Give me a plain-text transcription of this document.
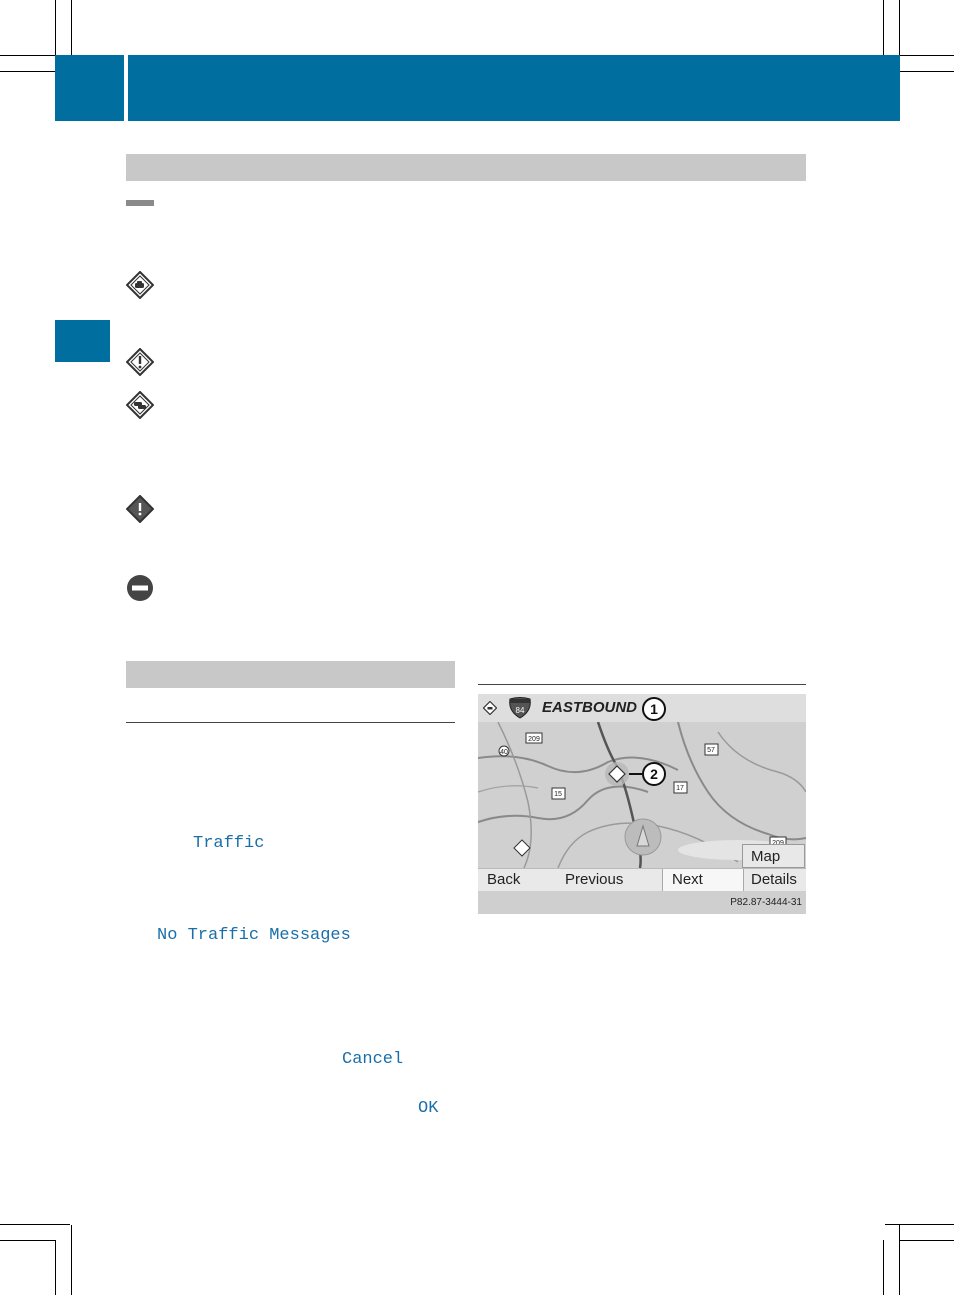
Traffic
No Traffic Messages
Cancel
OK
84 EASTBOUND 1
209
40
15
17
57
2
Map
Back	Previous	Next	Details
P82.87-3444-31
